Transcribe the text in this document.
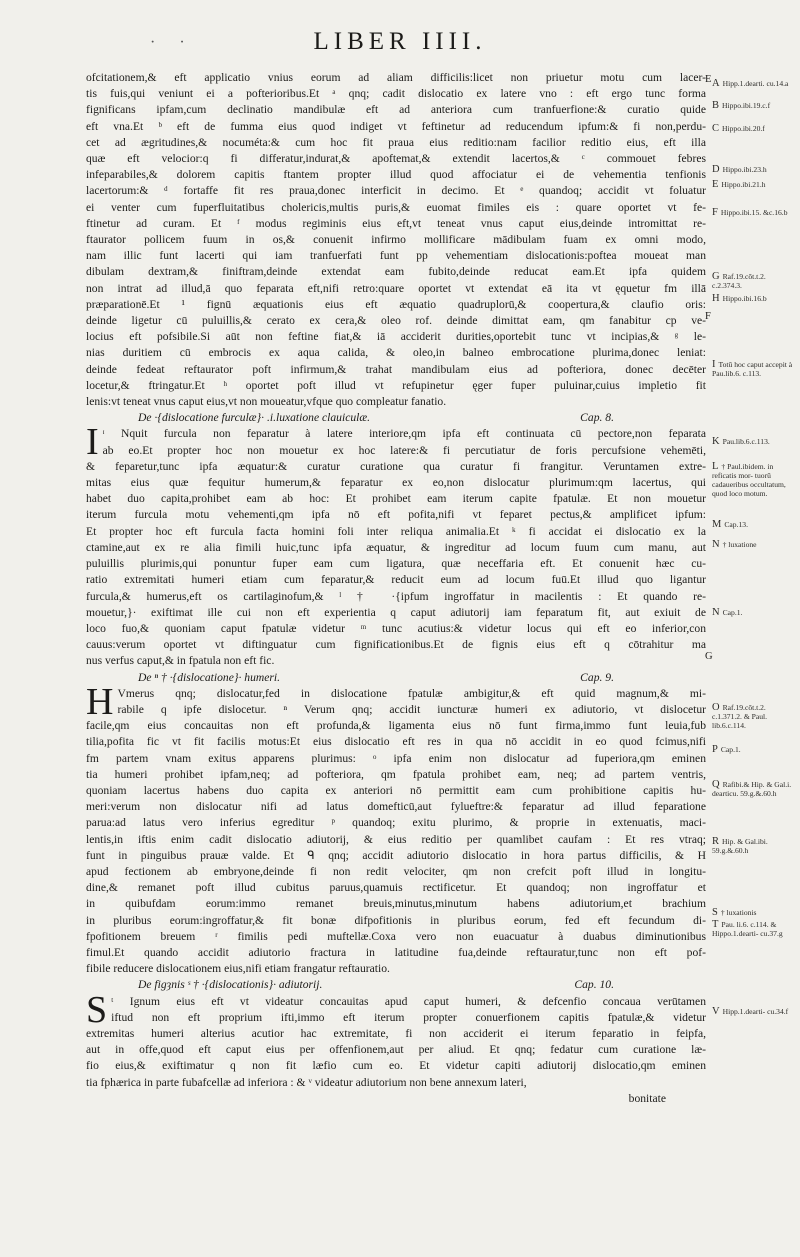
· ·	LIBER IIII.
ofcitationem,& eft applicatio vnius eorum ad aliam difficilis:licet non priuetur motu cum lacer-
tis fuis,qui veniunt ei a pofterioribus.Et ᵃ qnq; cadit dislocatio ex latere vno : eft ergo tunc forma
fignificans ipfam,cum declinatio mandibulæ eft ad anteriora cum tranfuerfione:& curatio quide
eft vna.Et ᵇ eft de fumma eius quod indiget vt feftinetur ad reducendum ipfum:& fi non,perdu-
cet ad ægritudines,& nocuméta:& cum hoc fit praua eius reditio:nam facilior reditio eius, eft illa
quæ eft velocior:q fi differatur,indurat,& apoftemat,& extendit lacertos,& ᶜ commouet febres
infeparabiles,& dolorem capitis ftantem propter illud quod affociatur ei de vehementia tenfionis
lacertorum:& ᵈ fortaffe fit res praua,donec interficit in decimo. Et ᵉ quandoq; accidit vt foluatur
ei venter cum fuperfluitatibus cholericis,multis puris,& euomat fimiles eis : quare oportet vt fe-
ftinetur ad curam. Et ᶠ modus regiminis eius eft,vt teneat vnus caput eius,deinde intromittat re-
ftaurator pollicem fuum in os,& conuenit infirmo mollificare mādibulam fuam ex omni modo,
nam illic funt lacerti qui iam tranfuerfati funt pp vehementiam dislocationis:poftea moueat man
dibulam dextram,& finiftram,deinde extendat eam fubito,deinde reducat eam.Et ipfa quidem
non intrat ad illud,ā quo feparata eft,nifi retro:quare oportet vt extendat eā ita vt ęquetur fm illā
præparationē.Et ¹ fignū æquationis eius eft æquatio quadruplorū,& coopertura,& claufio oris:
deinde ligetur cū puluillis,& cerato ex cera,& oleo rof. deinde dimittat eam, qm fanabitur cp ve-
locius eft pofsibile.Si aūt non feftine fiat,& iā acciderit durities,oportebit tunc vt incipias,& ᵍ le-
nias duritiem cū embrocis ex aqua calida, & oleo,in balneo embrocatione plurima,donec leniat:
deinde fedeat reftaurator poft infirmum,& trahat mandibulam eius ad pofteriora, donec decēter
locetur,& ftringatur.Et ʰ oportet poft illud vt refupinetur ęger fuper puluinar,cuius impletio fit
lenis:vt teneat vnus caput eius,vt non moueatur,vfque quo compleatur fanatio.
De ·{dislocatione furculæ}· .i.luxatione clauiculæ.	Cap. 8.
I ᶦ Nquit furcula non feparatur à latere interiore,qm ipfa eft continuata cū pectore,non feparata
ab eo.Et propter hoc non mouetur ex hoc latere:& fi percutiatur de foris percufsione vehemēti,
& feparetur,tunc ipfa æquatur:& curatur curatione qua curatur fi frangitur. Veruntamen extre-
mitas eius quæ fequitur humerum,& feparatur ex eo,non dislocatur plurimum:qm lacertus, qui
habet duo capita,prohibet eam ab hoc: Et prohibet eam iterum capite fpatulæ. Et non mouetur
iterum furcula motu vehementi,qm ipfa nō eft pofita,nifi vt feparet pectus,& amplificet ipfum:
Et propter hoc eft furcula facta homini foli inter reliqua animalia.Et ᵏ fi accidat ei dislocatio ex la
ctamine,aut ex re alia fimili huic,tunc ipfa æquatur, & ingreditur ad locum fuum cum manu, aut
puluillis plurimis,qui ponuntur fuper eam cum ligatura, quæ neceffaria eft. Et conuenit hæc cu-
ratio extremitati humeri etiam cum feparatur,& reducit eum ad locum fuū.Et illud quo ligantur
furcula,& humerus,eft os cartilaginofum,& ˡ † ·{ipfum ingroffatur in macilentis : Et quando re-
mouetur,}· exiftimat ille cui non eft experientia q caput adiutorij iam feparatum fit, aut exiuit de
loco fuo,& quoniam caput fpatulæ videtur ᵐ tunc acutius:& videtur locus qui eft eo inferior,con
cauus:verum oportet vt diftinguatur cum fignificationibus.Et de fignis eius eft q cōtrahitur ma
nus verfus caput,& in fpatula non eft fic.
De ⁿ † ·{dislocatione}· humeri.	Cap. 9.
H Vmerus qnq; dislocatur,fed in dislocatione fpatulæ ambigitur,& eft quid magnum,& mi-
rabile q ipfe dislocetur. ⁿ Verum qnq; accidit iuncturæ humeri ex adiutorio, vt dislocetur
facile,qm eius concauitas non eft profunda,& ligamenta eius nō funt firma,immo funt leuia,fub
tilia,pofita fic vt fit facilis motus:Et eius dislocatio eft res in qua nō accidit in eo quod fcimus,nifi
fm partem vnam exitus apparens plurimus: ᵒ ipfa enim non dislocatur ad fuperiora,qm eminen
tia humeri prohibet ipfam,neq; ad pofteriora, qm fpatula prohibet eam, neq; ad partem ventris,
quoniam lacertus habens duo capita ex anteriori nō permittit eam cum prohibitione capitis hu-
meri:verum non dislocatur nifi ad latus domefticū,aut fylueftre:& feparatur ad illud feparatione
parua:ad latus vero inferius egreditur ᵖ quandoq; exitu plurimo, & proprie in extenuatis, maci-
lentis,in iftis enim cadit dislocatio adiutorij, & eius reditio per quamlibet caufam : Et res vtraq;
funt in pinguibus prauæ valde. Et ᑫ qnq; accidit adiutorio dislocatio in hora partus difficilis, & H
apud fectionem ab embryone,deinde fi non redit velociter, qm non crefcit poft illud in longitu-
dine,& remanet poft illud cubitus paruus,quamuis rectificetur. Et quandoq; non ingroffatur et
in quibufdam eorum:immo remanet breuis,minutus,minutum habens adiutorium,et brachium
in pluribus eorum:ingroffatur,& fit bonæ difpofitionis in pluribus eorum, fed eft fecundum di-
fpofitionem breuem ʳ fimilis pedi muftellæ.Coxa vero non euacuatur à duabus diminutionibus
fimul.Et quando accidit adiutorio fractura in latitudine fua,deinde reftauratur,tunc non eft pof-
fibile reducere dislocationem eius,nifi etiam frangatur reftauratio.
De figȝnis ˢ † ·{dislocationis}· adiutorij.	Cap. 10.
S ᵗ Ignum eius eft vt videatur concauitas apud caput humeri, & defcenfio concaua verūtamen
iftud non eft proprium ifti,immo eft iterum propter conuerfionem capitis fpatulæ,& videtur
extremitas humeri alterius acutior hac extremitate, fi non acciderit ei iterum feparatio in feipfa,
aut in offe,quod eft caput eius per offenfionem,aut per aliud. Et qnq; fedatur cum curatione læ-
fio eius,& exiftimatur q non fit læfio cum eo. Et videtur capiti adiutorij dislocatio,qm eminen
tia fphærica in parte fubafcellæ ad inferiora : & ᵛ videatur adiutorium non bene annexum lateri,
bonitate
A Hipp.1.dearti. cu.14.a
B Hippo.ibi.19.c.f
C Hippo.ibi.20.f
D Hippo.ibi.23.h
E Hippo.ibi.21.h
F Hippo.ibi.15. &c.16.b
G Raf.19.cōt.t.2. c.2.374.3.
H Hippo.ibi.16.b
I Totū hoc caput accepit à Pau.lib.6. c.113.
K Pau.lib.6.c.113.
L † Paul.ibidem. in reficatis mor- tuorū cadaueribus occultatum, quod loco motum.
M Cap.13.
N † luxatione
N Cap.1.
O Raf.19.cōt.t.2. c.1.371.2. & Paul. lib.6.c.114.
P Cap.1.
Q Rafibi.& Hip. & Gal.i. dearticu. 59.g.&.60.h
R Hip. & Gal.ibi. 59.g.&.60.h
S † luxationis
T Pau. li.6. c.114. & Hippo.1.dearti- cu.37.g
V Hipp.1.dearti- cu.34.f
E
F
G
